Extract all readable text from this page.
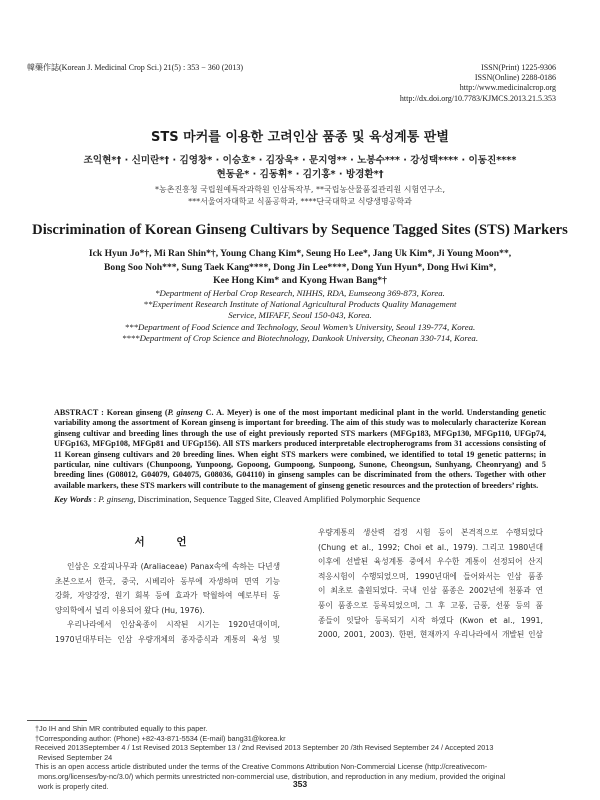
韓藥作誌(Korean J. Medicinal Crop Sci.) 21(5) : 353 − 360 (2013)	ISSN(Print) 1225-9306
ISSN(Online) 2288-0186
http://www.medicinalcrop.org
http://dx.doi.org/10.7783/KJMCS.2013.21.5.353
STS 마커를 이용한 고려인삼 품종 및 육성계통 판별
조익현*† · 신미란*† · 김영창* · 이승호* · 김장욱* · 문지영** · 노봉수*** · 강성택**** · 이동진****
현동윤* · 김동휘* · 김기홍* · 방경환*†
*농촌진흥청 국립원예특작과학원 인삼특작부, **국립농산물품질관리원 시험연구소,
***서울여자대학교 식품공학과, ****단국대학교 식량생명공학과
Discrimination of Korean Ginseng Cultivars by Sequence Tagged Sites (STS) Markers
Ick Hyun Jo*†, Mi Ran Shin*†, Young Chang Kim*, Seung Ho Lee*, Jang Uk Kim*, Ji Young Moon**,
Bong Soo Noh***, Sung Taek Kang****, Dong Jin Lee****, Dong Yun Hyun*, Dong Hwi Kim*,
Kee Hong Kim* and Kyong Hwan Bang*†
*Department of Herbal Crop Research, NIHHS, RDA, Eumseong 369-873, Korea.
**Experiment Research Institute of National Agricultural Products Quality Management
Service, MIFAFF, Seoul 150-043, Korea.
***Department of Food Science and Technology, Seoul Women’s University, Seoul 139-774, Korea.
****Department of Crop Science and Biotechnology, Dankook University, Cheonan 330-714, Korea.
ABSTRACT : Korean ginseng (P. ginseng C. A. Meyer) is one of the most important medicinal plant in the world. Understanding genetic variability among the assortment of Korean ginseng is important for breeding. The aim of this study was to molecularly characterize Korean ginseng cultivar and breeding lines through the use of eight previously reported STS markers (MFGp183, MFGp130, MFGp110, UFGp74, UFGp163, MFGp108, MFGp81 and UFGp156). All STS markers produced interpretable electropherograms from 31 accessions consisting of 11 Korean ginseng cultivars and 20 breeding lines. When eight STS markers were combined, we identified to total 19 genetic patterns; in particular, nine cultivars (Chunpoong, Yunpoong, Gopoong, Gumpoong, Sunpoong, Sunone, Cheongsun, Sunhyang, Cheonryang) and 5 breeding lines (G08012, G04079, G04075, G08036, G04110) in ginseng samples can be discriminated from the others. Together with other available markers, these STS markers will contribute to the management of ginseng genetic resources and the protection of breeders’ rights.
Key Words : P. ginseng, Discrimination, Sequence Tagged Site, Cleaved Amplified Polymorphic Sequence
서 언
인삼은 오갈피나무과 (Araliaceae) Panax속에 속하는 다년생
초본으로서 한국, 중국, 시베리아 동부에 자생하며 면역 기능
강화, 자양강장, 원기 회복 등에 효과가 탁월하여 예로부터 동
양의학에서 널리 이용되어 왔다 (Hu, 1976).
우리나라에서 인삼육종이 시작된 시기는 1920년대이며,
1970년대부터는 인삼 우량개체의 종자증식과 계통의 육성 및
우량계통의 생산력 검정 시험 등이 본격적으로 수행되었다
(Chung et al., 1992; Choi et al., 1979). 그리고 1980년대
이후에 선발된 육성계통 중에서 우수한 계통이 선정되어 산지
적응시험이 수행되었으며, 1990년대에 들어와서는 인삼 품종
이 최초로 출원되었다. 국내 인삼 품종은 2002년에 천풍과 연
풍이 품종으로 등록되었으며, 그 후 고풍, 금풍, 선풍 등의 품
종들이 잇달아 등록되기 시작 하였다 (Kwon et al., 1991,
2000, 2001, 2003). 한편, 현재까지 우리나라에서 개발된 인삼
†Jo IH and Shin MR contributed equally to this paper.
†Corresponding author: (Phone) +82-43-871-5534 (E-mail) bang31@korea.kr
Received 2013September 4 / 1st Revised 2013 September 13 / 2nd Revised 2013 September 20 /3th Revised September 24 / Accepted 2013
Revised September 24
This is an open access article distributed under the terms of the Creative Commons Attribution Non-Commercial License (http://creativecom-
mons.org/licenses/by-nc/3.0/) which permits unrestricted non-commercial use, distribution, and reproduction in any medium, provided the original
work is properly cited.	353
